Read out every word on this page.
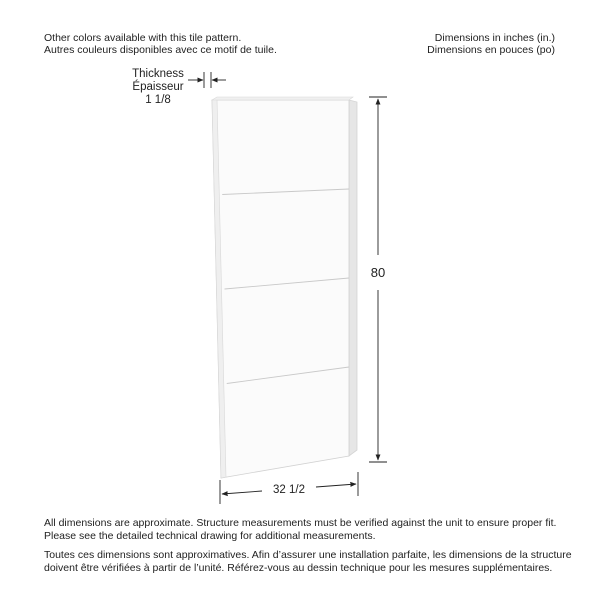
Other colors available with this tile pattern.
Autres couleurs disponibles avec ce motif de tuile.
Dimensions in inches (in.)
Dimensions en pouces (po)
Thickness
Épaisseur
1 1/8
80
32 1/2
All dimensions are approximate. Structure measurements must be verified against the unit to ensure proper fit.
Please see the detailed technical drawing for additional measurements.
Toutes ces dimensions sont approximatives. Afin d’assurer une installation parfaite, les dimensions de la structure
doivent être vérifiées à partir de l’unité. Référez-vous au dessin technique pour les mesures supplémentaires.
